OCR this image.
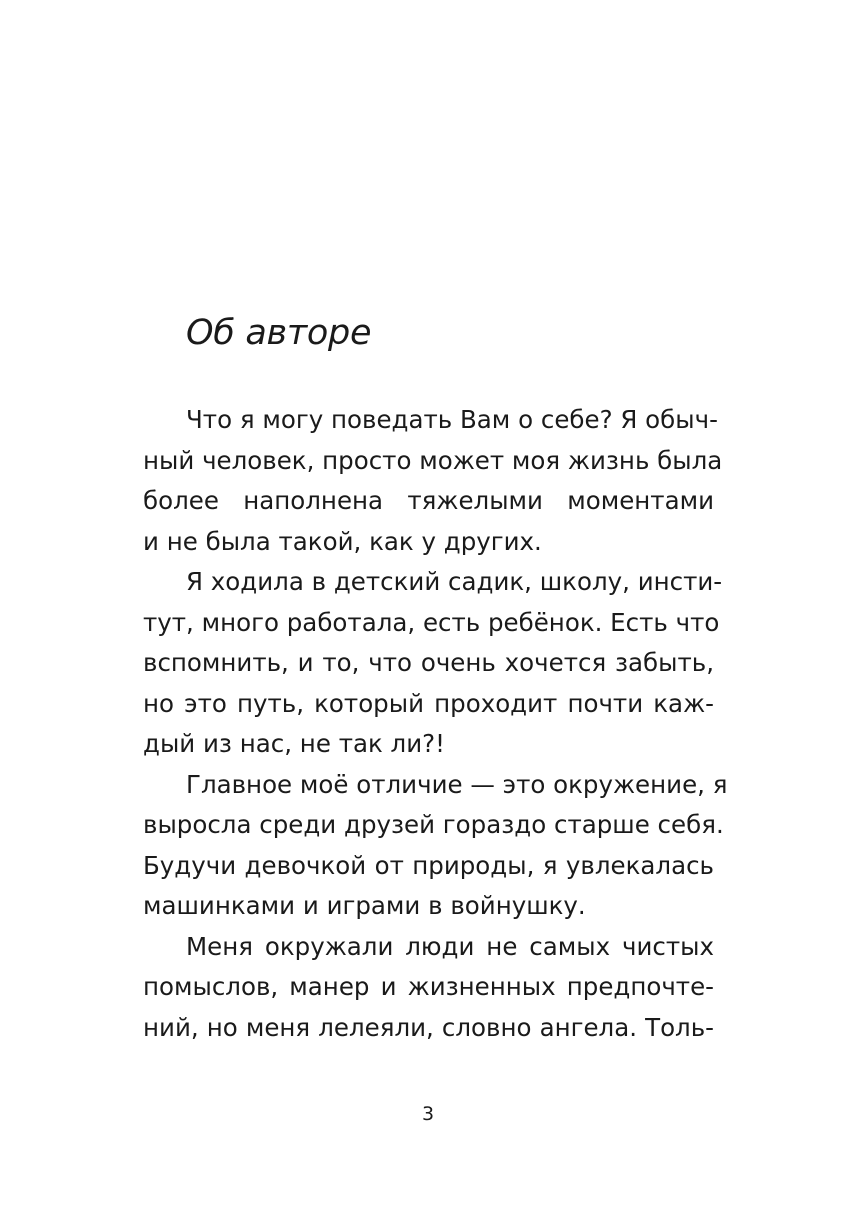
Об авторе
Что я могу поведать Вам о себе? Я обыч-
ный человек, просто может моя жизнь была
более наполнена тяжелыми моментами
и не была такой, как у других.
Я ходила в детский садик, школу, инсти-
тут, много работала, есть ребёнок. Есть что
вспомнить, и то, что очень хочется забыть,
но это путь, который проходит почти каж-
дый из нас, не так ли?!
Главное моё отличие — это окружение, я
выросла среди друзей гораздо старше себя.
Будучи девочкой от природы, я увлекалась
машинками и играми в войнушку.
Меня окружали люди не самых чистых
помыслов, манер и жизненных предпочте-
ний, но меня лелеяли, словно ангела. Толь-
3
